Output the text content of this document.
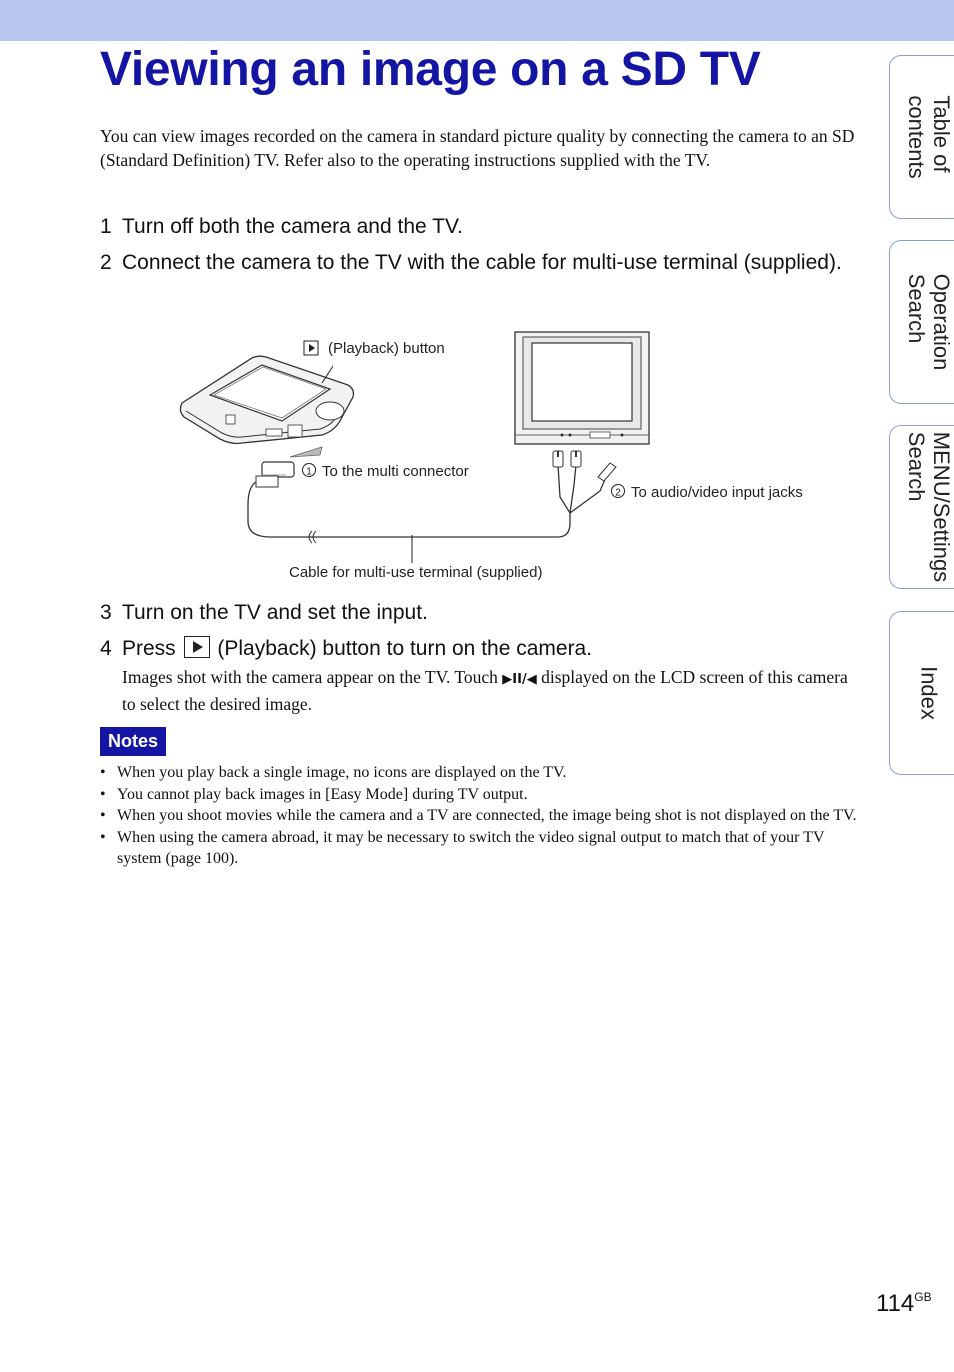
Viewing an image on a SD TV

You can view images recorded on the camera in standard picture quality by connecting the camera to an SD (Standard Definition) TV. Refer also to the operating instructions supplied with the TV.

1 Turn off both the camera and the TV.
2 Connect the camera to the TV with the cable for multi-use terminal (supplied).
(Playback) button
1 To the multi connector
2 To audio/video input jacks
Cable for multi-use terminal (supplied)
3 Turn on the TV and set the input.
4 Press (Playback) button to turn on the camera.

Images shot with the camera appear on the TV. Touch ▶II/◀ displayed on the LCD screen of this camera to select the desired image.

Notes
• When you play back a single image, no icons are displayed on the TV.
• You cannot play back images in [Easy Mode] during TV output.
• When you shoot movies while the camera and a TV are connected, the image being shot is not displayed on the TV.
• When using the camera abroad, it may be necessary to switch the video signal output to match that of your TV system (page 100).
Table of
contents
Operation
Search
MENU/Settings
Search
Index
$114^{GB}$
